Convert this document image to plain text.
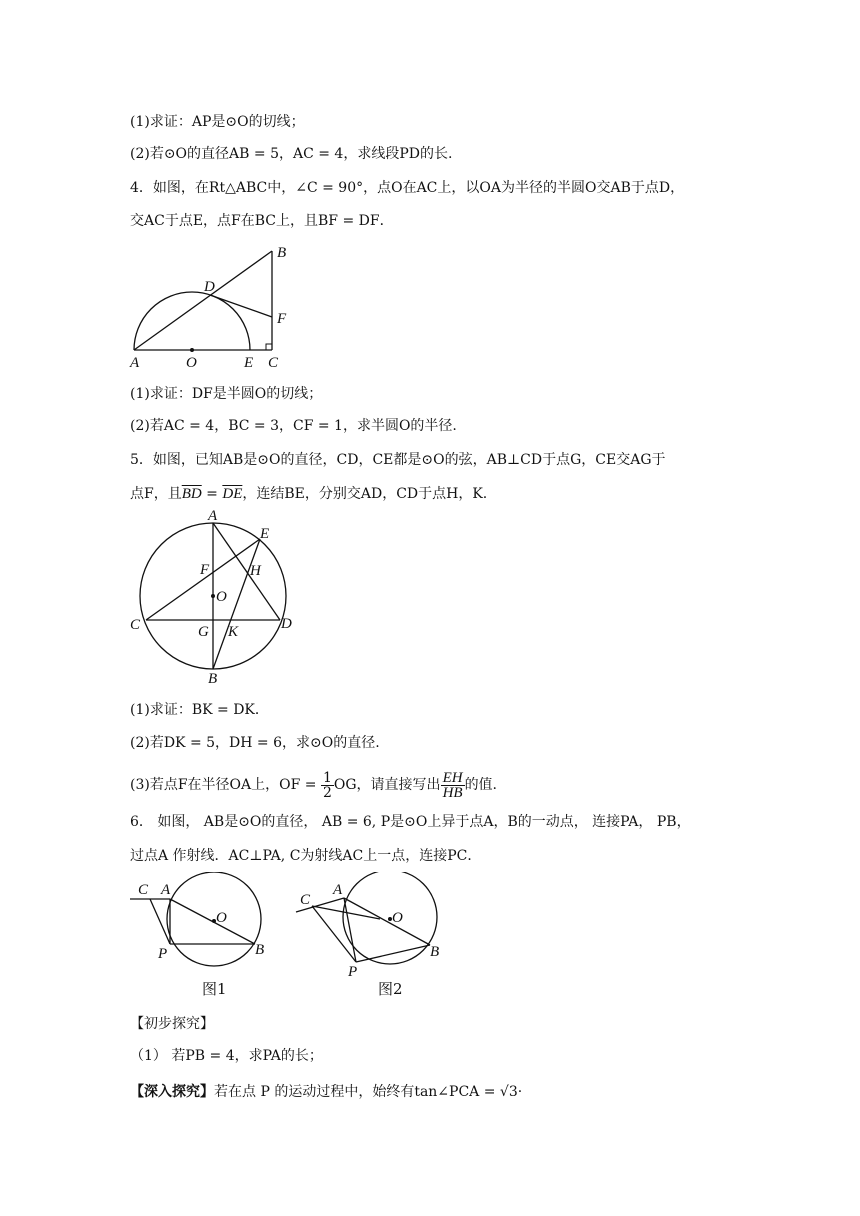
(1)求证：AP是⊙O的切线；
(2)若⊙O的直径AB = 5，AC = 4，求线段PD的长.
4．如图，在Rt△ABC中，∠C = 90°，点O在AC上，以OA为半径的半圆O交AB于点D，
交AC于点E，点F在BC上，且BF = DF．
A	O	E C
B
D
F
(1)求证：DF是半圆O的切线；
(2)若AC = 4，BC = 3，CF = 1，求半圆O的半径.
5．如图，已知AB是⊙O的直径，CD，CE都是⊙O的弦，AB⊥CD于点G，CE交AG于
点F，且$\overline{BD} = \overline{DE}$，连结BE，分别交AD，CD于点H，K.
A
E
F	H
O
C	G K	D
B
(1)求证：BK = DK．
(2)若DK = 5，DH = 6，求⊙O的直径.
(3)若点F在半径OA上，OF = $\frac{1}{2}$ OG，请直接写出 $\frac{EH}{HB}$ 的值.
6． 如图， AB是⊙O的直径， AB = 6, P是⊙O上异于点A，B的一动点， 连接PA， PB，
过点A 作射线．AC⊥PA, C为射线AC上一点，连接PC．
C A
O
P	B
图1
C
A
O
P
B
图2
【初步探究】
（1） 若PB = 4，求PA的长；
【深入探究】若在点 P 的运动过程中，始终有tan∠PCA = √3·
